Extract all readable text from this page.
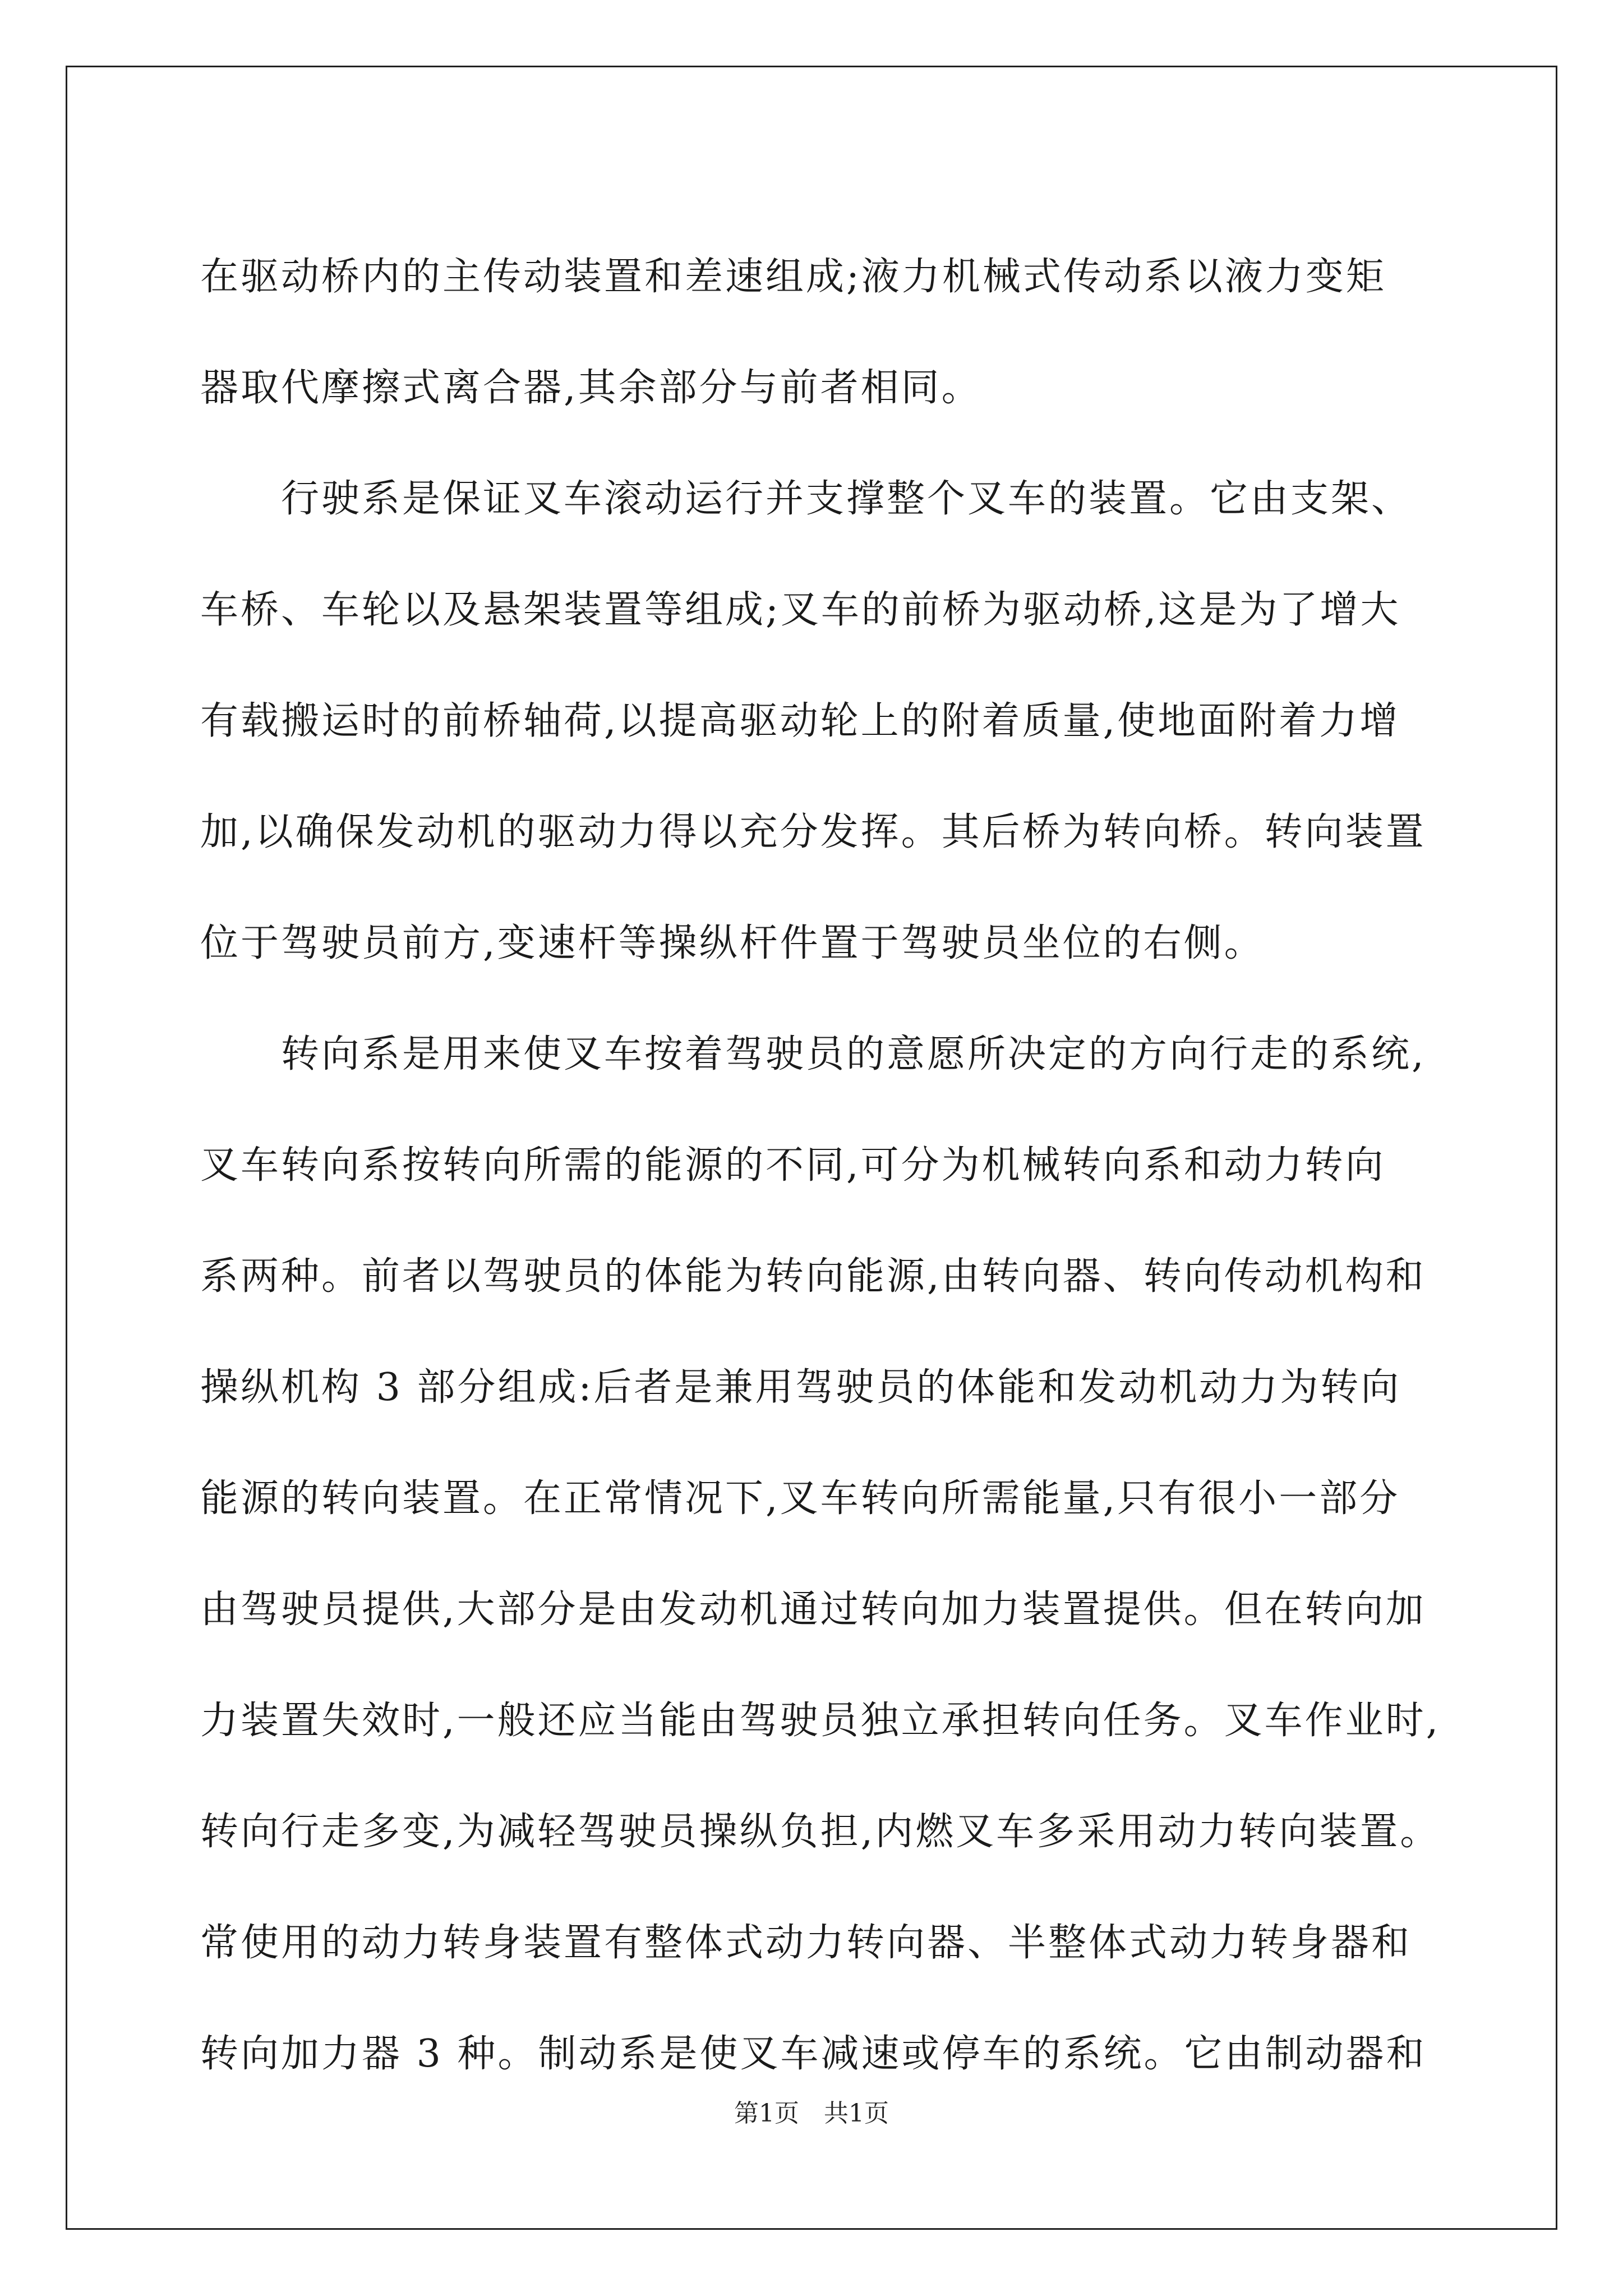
在驱动桥内的主传动装置和差速组成;液力机械式传动系以液力变矩
器取代摩擦式离合器,其余部分与前者相同。
　　行驶系是保证叉车滚动运行并支撑整个叉车的装置。它由支架、
车桥、车轮以及悬架装置等组成;叉车的前桥为驱动桥,这是为了增大
有载搬运时的前桥轴荷,以提高驱动轮上的附着质量,使地面附着力增
加,以确保发动机的驱动力得以充分发挥。其后桥为转向桥。转向装置
位于驾驶员前方,变速杆等操纵杆件置于驾驶员坐位的右侧。
　　转向系是用来使叉车按着驾驶员的意愿所决定的方向行走的系统,
叉车转向系按转向所需的能源的不同,可分为机械转向系和动力转向
系两种。前者以驾驶员的体能为转向能源,由转向器、转向传动机构和
操纵机构 3 部分组成:后者是兼用驾驶员的体能和发动机动力为转向
能源的转向装置。在正常情况下,叉车转向所需能量,只有很小一部分
由驾驶员提供,大部分是由发动机通过转向加力装置提供。但在转向加
力装置失效时,一般还应当能由驾驶员独立承担转向任务。叉车作业时,
转向行走多变,为减轻驾驶员操纵负担,内燃叉车多采用动力转向装置。
常使用的动力转身装置有整体式动力转向器、半整体式动力转身器和
转向加力器 3 种。制动系是使叉车减速或停车的系统。它由制动器和
第1页　共1页
